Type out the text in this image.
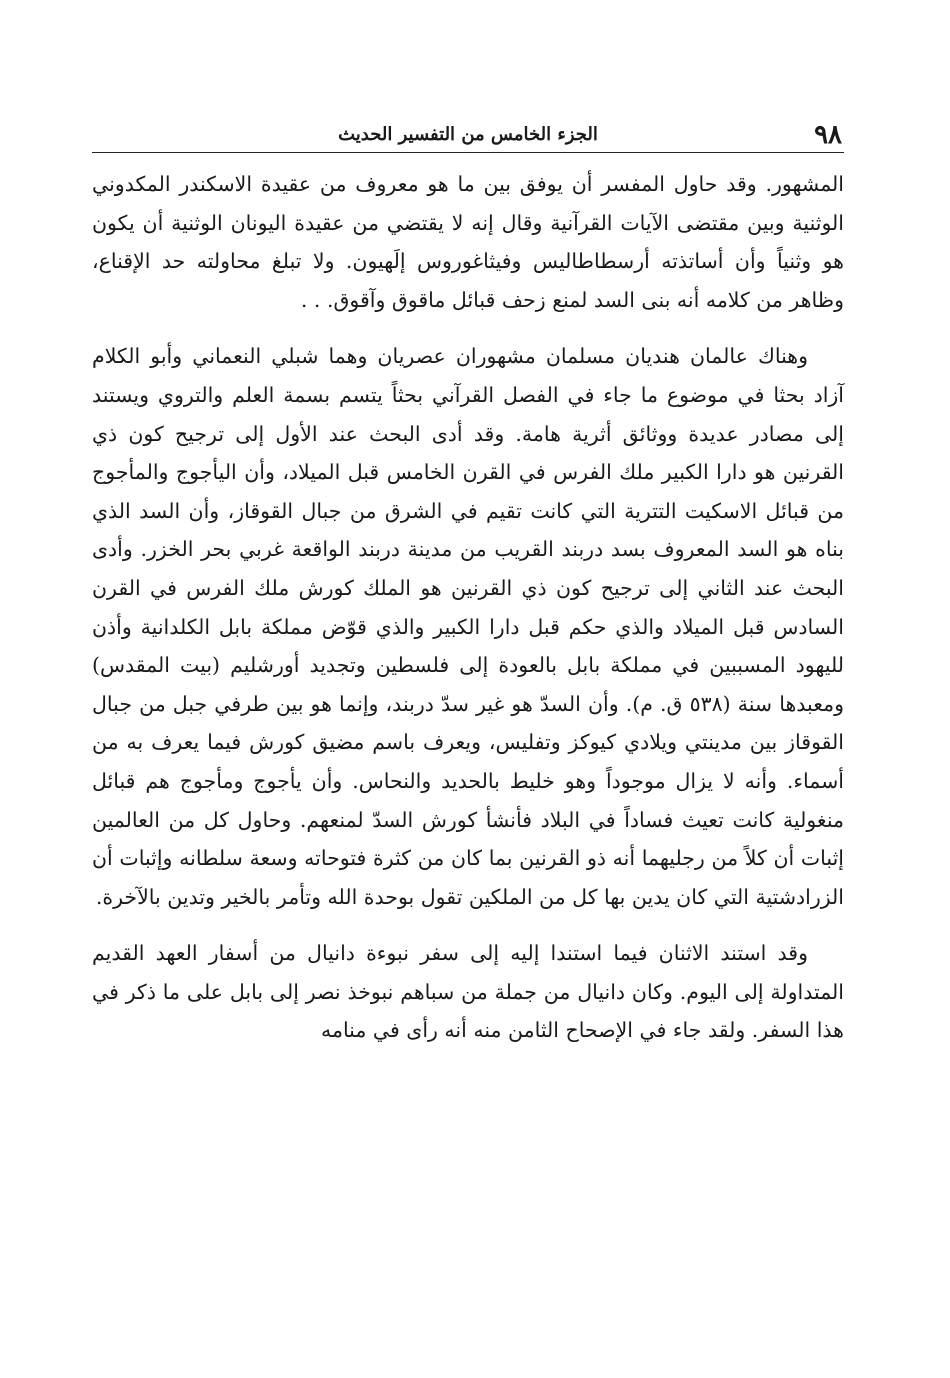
٩٨
الجزء الخامس من التفسير الحديث

المشهور. وقد حاول المفسر أن يوفق بين ما هو معروف من عقيدة الاسكندر المكدوني الوثنية وبين مقتضى الآيات القرآنية وقال إنه لا يقتضي من عقيدة اليونان الوثنية أن يكون هو وثنياً وأن أساتذته أرسطاطاليس وفيثاغوروس إلَهيون. ولا تبلغ محاولته حد الإقناع، وظاهر من كلامه أنه بنى السد لمنع زحف قبائل ماقوق وآقوق. . .

وهناك عالمان هنديان مسلمان مشهوران عصريان وهما شبلي النعماني وأبو الكلام آزاد بحثا في موضوع ما جاء في الفصل القرآني بحثاً يتسم بسمة العلم والتروي ويستند إلى مصادر عديدة ووثائق أثرية هامة. وقد أدى البحث عند الأول إلى ترجيح كون ذي القرنين هو دارا الكبير ملك الفرس في القرن الخامس قبل الميلاد، وأن اليأجوج والمأجوج من قبائل الاسكيت التترية التي كانت تقيم في الشرق من جبال القوقاز، وأن السد الذي بناه هو السد المعروف بسد دربند القريب من مدينة دربند الواقعة غربي بحر الخزر. وأدى البحث عند الثاني إلى ترجيح كون ذي القرنين هو الملك كورش ملك الفرس في القرن السادس قبل الميلاد والذي حكم قبل دارا الكبير والذي قوّض مملكة بابل الكلدانية وأذن لليهود المسببين في مملكة بابل بالعودة إلى فلسطين وتجديد أورشليم (بيت المقدس) ومعبدها سنة (٥٣٨ ق. م). وأن السدّ هو غير سدّ دربند، وإنما هو بين طرفي جبل من جبال القوقاز بين مدينتي ويلادي كيوكز وتفليس، ويعرف باسم مضيق كورش فيما يعرف به من أسماء. وأنه لا يزال موجوداً وهو خليط بالحديد والنحاس. وأن يأجوج ومأجوج هم قبائل منغولية كانت تعيث فساداً في البلاد فأنشأ كورش السدّ لمنعهم. وحاول كل من العالمين إثبات أن كلاً من رجليهما أنه ذو القرنين بما كان من كثرة فتوحاته وسعة سلطانه وإثبات أن الزرادشتية التي كان يدين بها كل من الملكين تقول بوحدة الله وتأمر بالخير وتدين بالآخرة.

وقد استند الاثنان فيما استندا إليه إلى سفر نبوءة دانيال من أسفار العهد القديم المتداولة إلى اليوم. وكان دانيال من جملة من سباهم نبوخذ نصر إلى بابل على ما ذكر في هذا السفر. ولقد جاء في الإصحاح الثامن منه أنه رأى في منامه
